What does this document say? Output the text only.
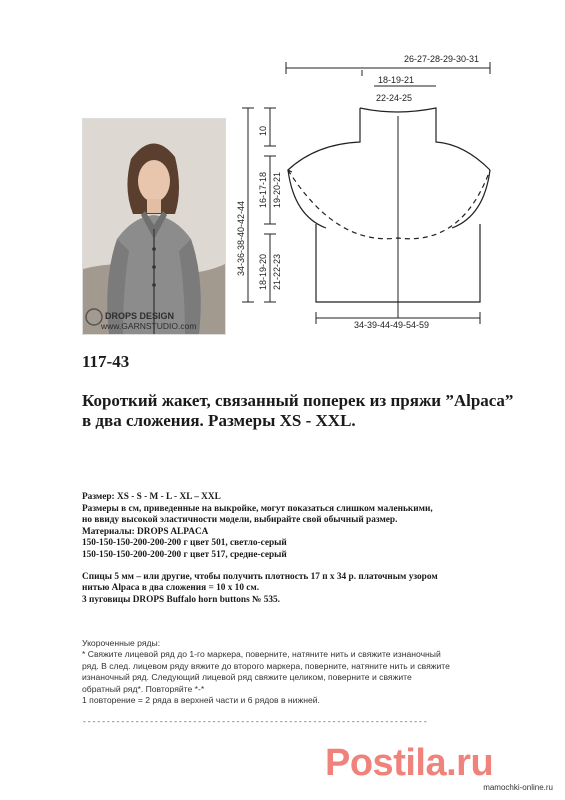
DROPS DESIGN
www.GARNSTUDIO.com
26-27-28-29-30-31
18-19-21
22-24-25
34-36-38-40-42-44
10
16-17-18 19-20-21
18-19-20 21-22-23
34-39-44-49-54-59
117-43
Короткий жакет, связанный поперек из пряжи ”Alpaca” в два сложения. Размеры XS - XXL.
Размер: XS - S - M - L - XL – XXL
Размеры в см, приведенные на выкройке, могут показаться слишком маленькими,
но ввиду высокой эластичности модели, выбирайте свой обычный размер.
Материалы: DROPS ALPACA
150-150-150-200-200-200 г цвет 501, светло-серый
150-150-150-200-200-200 г цвет 517, средне-серый
Спицы 5 мм – или другие, чтобы получить плотность 17 п х 34 р. платочным узором
нитью Alpaca в два сложения = 10 х 10 см.
3 пуговицы DROPS Buffalo horn buttons № 535.
Укороченные ряды:
* Свяжите лицевой ряд до 1-го маркера, поверните, натяните нить и свяжите изнаночный
ряд. В след. лицевом ряду вяжите до второго маркера, поверните, натяните нить и свяжите
изнаночный ряд. Следующий лицевой ряд свяжите целиком, поверните и свяжите
обратный ряд*. Повторяйте *-*
1 повторение = 2 ряда в верхней части и 6 рядов в нижней.
------------------------------------------------------------------------
Postila.ru
mamochki-online.ru
